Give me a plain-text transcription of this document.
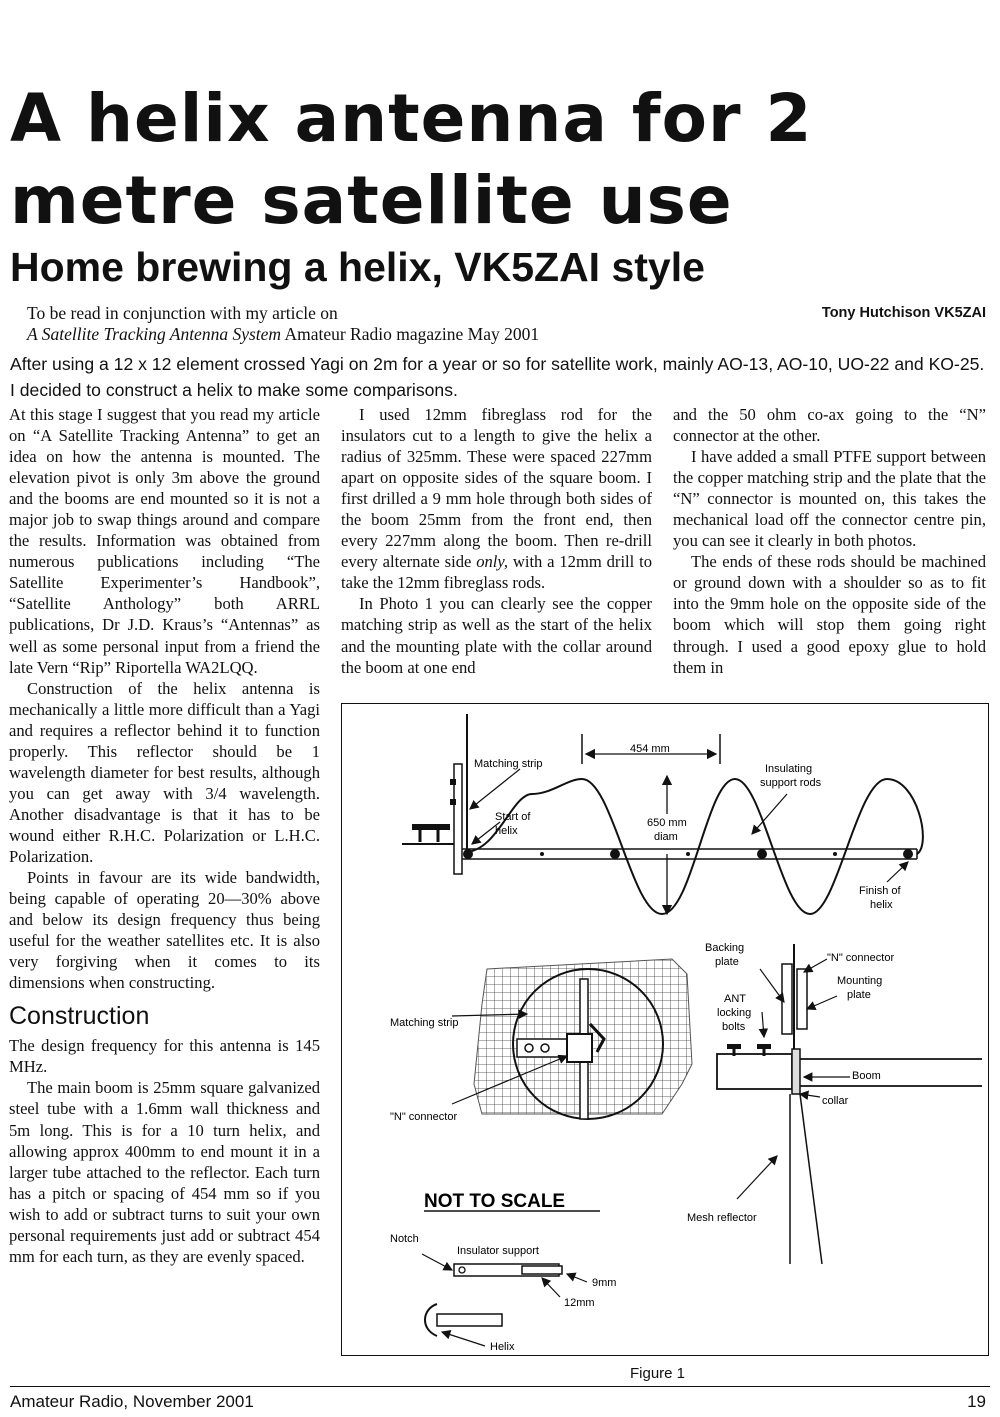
A helix antenna for 2 metre satellite use
Home brewing a helix, VK5ZAI style
To be read in conjunction with my article on
A Satellite Tracking Antenna System Amateur Radio magazine May 2001
Tony Hutchison VK5ZAI
After using a 12 x 12 element crossed Yagi on 2m for a year or so for satellite work, mainly AO-13, AO-10, UO-22 and KO-25. I decided to construct a helix to make some comparisons.

At this stage I suggest that you read my article on “A Satellite Tracking Antenna” to get an idea on how the antenna is mounted. The elevation pivot is only 3m above the ground and the booms are end mounted so it is not a major job to swap things around and compare the results. Information was obtained from numerous publications including “The Satellite Experimenter’s Handbook”, “Satellite Anthology” both ARRL publications, Dr J.D. Kraus’s “Antennas” as well as some personal input from a friend the late Vern “Rip” Riportella WA2LQQ.

Construction of the helix antenna is mechanically a little more difficult than a Yagi and requires a reflector behind it to function properly. This reflector should be 1 wavelength diameter for best results, although you can get away with 3/4 wavelength. Another disadvantage is that it has to be wound either R.H.C. Polarization or L.H.C. Polarization.

Points in favour are its wide bandwidth, being capable of operating 20—30% above and below its design frequency thus being useful for the weather satellites etc. It is also very forgiving when it comes to its dimensions when constructing.

Construction

The design frequency for this antenna is 145 MHz.

The main boom is 25mm square galvanized steel tube with a 1.6mm wall thickness and 5m long. This is for a 10 turn helix, and allowing approx 400mm to end mount it in a larger tube attached to the reflector. Each turn has a pitch or spacing of 454 mm so if you wish to add or subtract turns to suit your own personal requirements just add or subtract 454 mm for each turn, as they are evenly spaced.

I used 12mm fibreglass rod for the insulators cut to a length to give the helix a radius of 325mm. These were spaced 227mm apart on opposite sides of the square boom. I first drilled a 9 mm hole through both sides of the boom 25mm from the front end, then every 227mm along the boom. Then re-drill every alternate side only, with a 12mm drill to take the 12mm fibreglass rods.

In Photo 1 you can clearly see the copper matching strip as well as the start of the helix and the mounting plate with the collar around the boom at one end

and the 50 ohm co-ax going to the “N” connector at the other.

I have added a small PTFE support between the copper matching strip and the plate that the “N” connector is mounted on, this takes the mechanical load off the connector centre pin, you can see it clearly in both photos.

The ends of these rods should be machined or ground down with a shoulder so as to fit into the 9mm hole on the opposite side of the boom which will stop them going right through. I used a good epoxy glue to hold them in

454 mm
Matching strip	Insulating
support rods
Start of
helix
650 mm
diam
Finish of
helix
Backing
plate	"N" connector
Mounting
plate
ANT
locking
bolts
Matching strip
Boom
collar
"N" connector
Mesh reflector
NOT TO SCALE
Notch
Insulator support
9mm
12mm
Helix
Figure 1
Amateur Radio, November 2001	19
